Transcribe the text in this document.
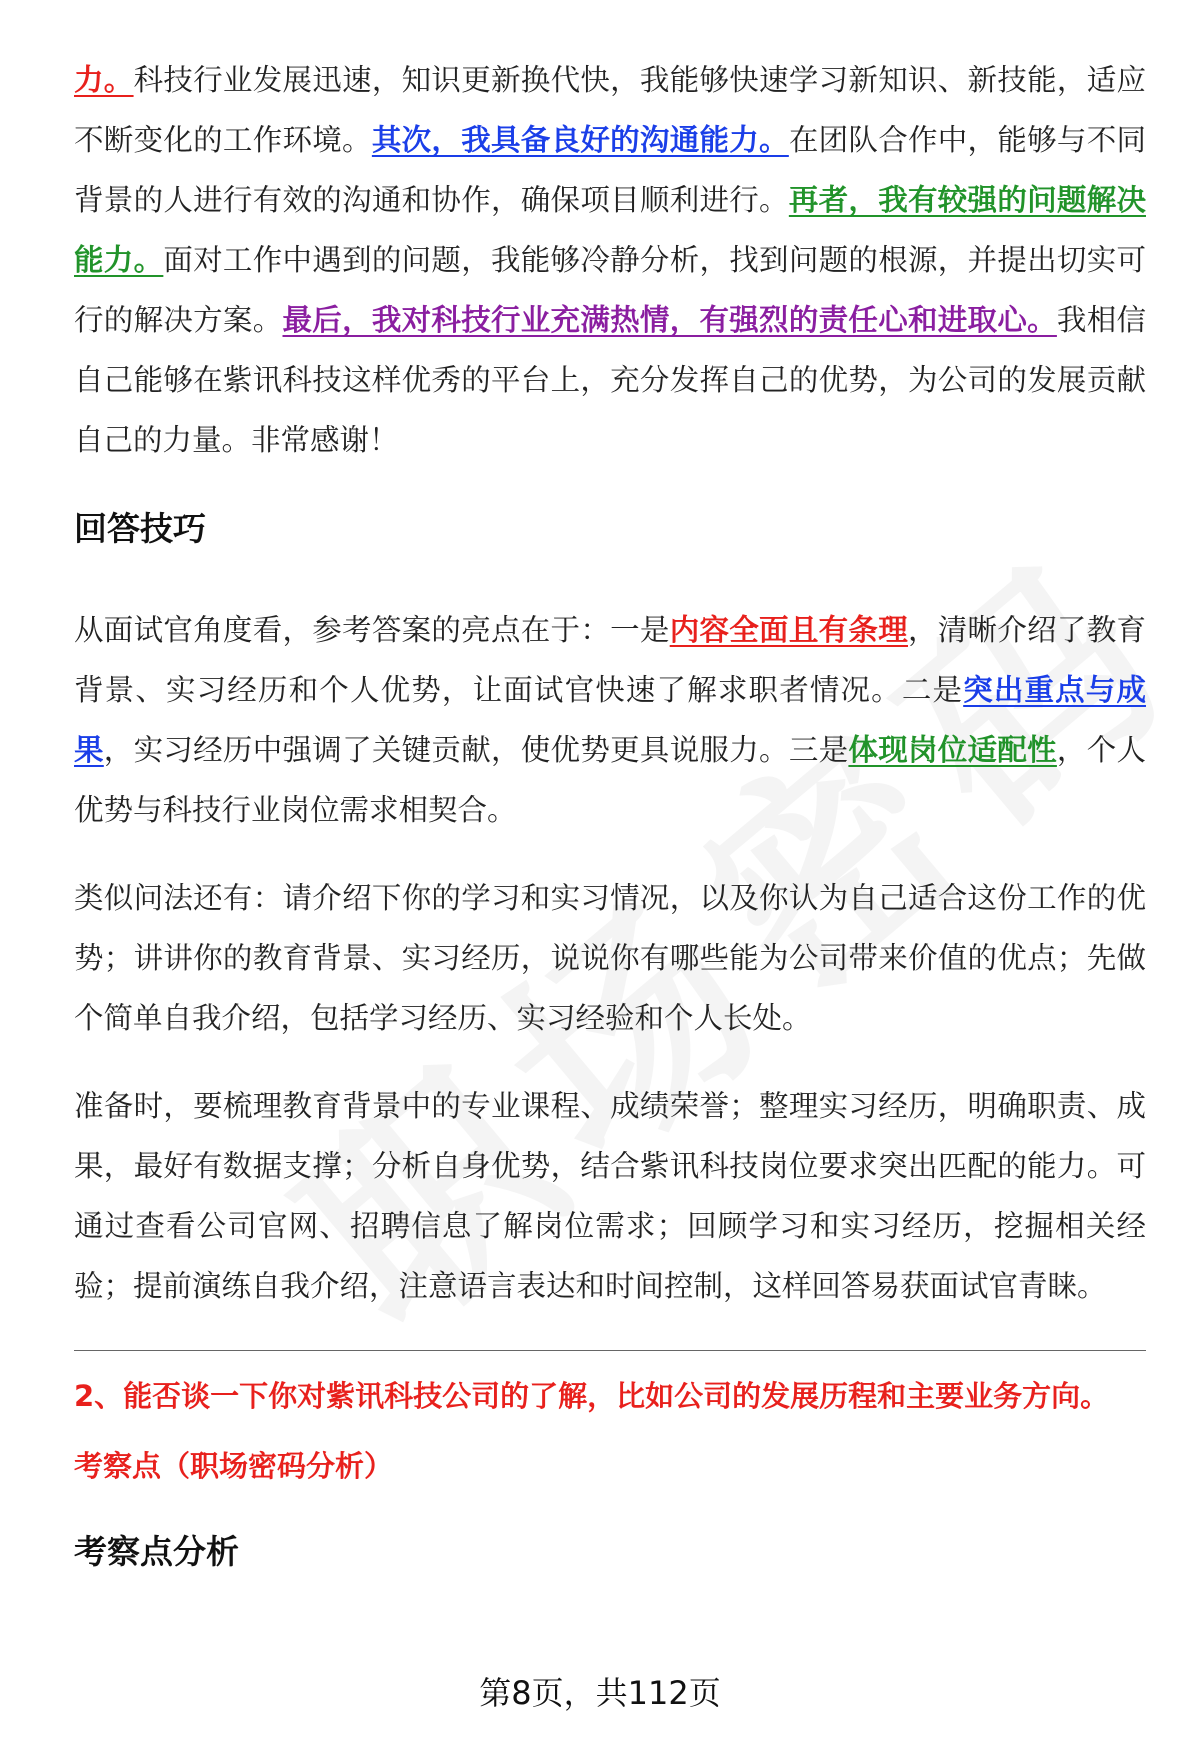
力。科技行业发展迅速，知识更新换代快，我能够快速学习新知识、新技能，适应不断变化的工作环境。其次，我具备良好的沟通能力。在团队合作中，能够与不同背景的人进行有效的沟通和协作，确保项目顺利进行。再者，我有较强的问题解决能力。面对工作中遇到的问题，我能够冷静分析，找到问题的根源，并提出切实可行的解决方案。最后，我对科技行业充满热情，有强烈的责任心和进取心。我相信自己能够在紫讯科技这样优秀的平台上，充分发挥自己的优势，为公司的发展贡献自己的力量。非常感谢！

回答技巧

从面试官角度看，参考答案的亮点在于：一是内容全面且有条理，清晰介绍了教育背景、实习经历和个人优势，让面试官快速了解求职者情况。二是突出重点与成果，实习经历中强调了关键贡献，使优势更具说服力。三是体现岗位适配性，个人优势与科技行业岗位需求相契合。

类似问法还有：请介绍下你的学习和实习情况，以及你认为自己适合这份工作的优势；讲讲你的教育背景、实习经历，说说你有哪些能为公司带来价值的优点；先做个简单自我介绍，包括学习经历、实习经验和个人长处。

准备时，要梳理教育背景中的专业课程、成绩荣誉；整理实习经历，明确职责、成果，最好有数据支撑；分析自身优势，结合紫讯科技岗位要求突出匹配的能力。可通过查看公司官网、招聘信息了解岗位需求；回顾学习和实习经历，挖掘相关经验；提前演练自我介绍，注意语言表达和时间控制，这样回答易获面试官青睐。

2、能否谈一下你对紫讯科技公司的了解，比如公司的发展历程和主要业务方向。

考察点（职场密码分析）

考察点分析
第8页，共112页
